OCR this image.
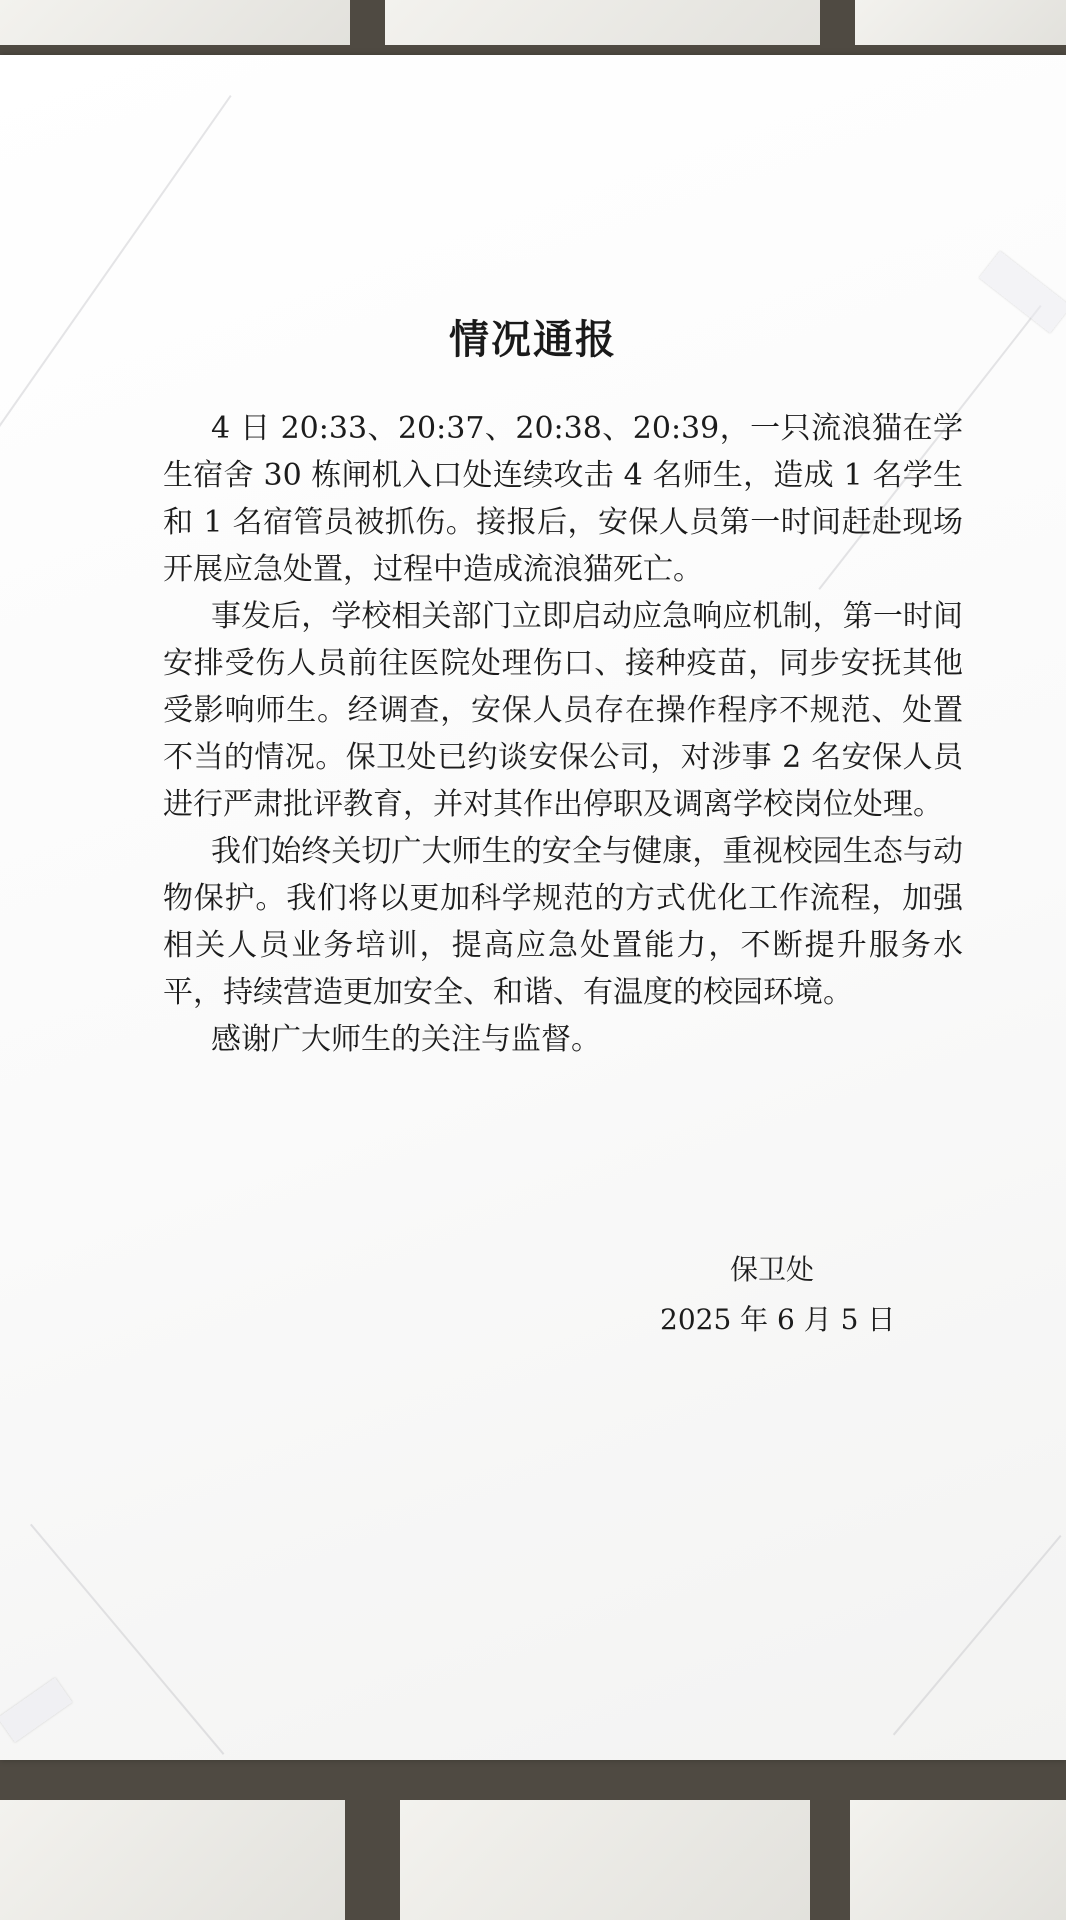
情况通报

4 日 20:33、20:37、20:38、20:39，一只流浪猫在学生宿舍 30 栋闸机入口处连续攻击 4 名师生，造成 1 名学生和 1 名宿管员被抓伤。接报后，安保人员第一时间赶赴现场开展应急处置，过程中造成流浪猫死亡。

事发后，学校相关部门立即启动应急响应机制，第一时间安排受伤人员前往医院处理伤口、接种疫苗，同步安抚其他受影响师生。经调查，安保人员存在操作程序不规范、处置不当的情况。保卫处已约谈安保公司，对涉事 2 名安保人员进行严肃批评教育，并对其作出停职及调离学校岗位处理。

我们始终关切广大师生的安全与健康，重视校园生态与动物保护。我们将以更加科学规范的方式优化工作流程，加强相关人员业务培训，提高应急处置能力，不断提升服务水平，持续营造更加安全、和谐、有温度的校园环境。

感谢广大师生的关注与监督。

保卫处
2025 年 6 月 5 日
